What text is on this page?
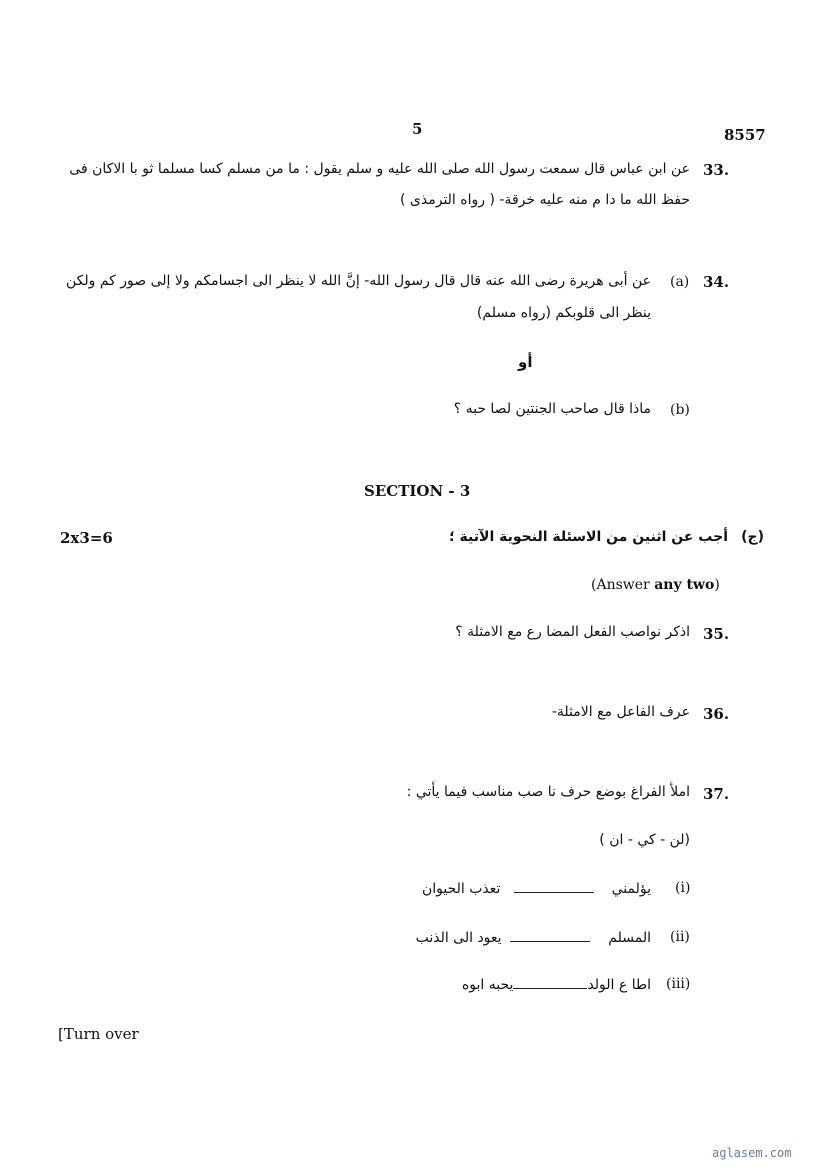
5	8557
33.
عن ابن عباس قال سمعت رسول الله صلى الله عليه و سلم يقول : ما من مسلم كسا مسلما ثو با الاكان فى
حفظ الله ما دا م منه عليه خرقة- ( رواه الترمذى )
34.
(a)
عن أبى هريرة رضى الله عنه قال قال رسول الله- إنَّ الله لا ينظر الى اجسامكم ولا إلى صور كم ولكن
ينظر الى قلوبكم (رواه مسلم)
أو
(b)
ماذا قال صاحب الجنتين لصا حبه ؟
SECTION - 3
(ج)
أجب عن اثنين من الاسئلة النحوية الآتية ؛
2x3=6
(Answer any two)
35.
اذكر نواصب الفعل المضا رع مع الامثلة ؟
36.
عرف الفاعل مع الامثلة-
37.
املأ الفراغ بوضع حرف نا صب مناسب فيما يأتي :
(لن - كي - ان )
(i)
يؤلمني       تعذب الحيوان
(ii)
المسلم      يعود الى الذنب
(iii)
اطا ع الولديحبه ابوه
[Turn over
aglasem.com
